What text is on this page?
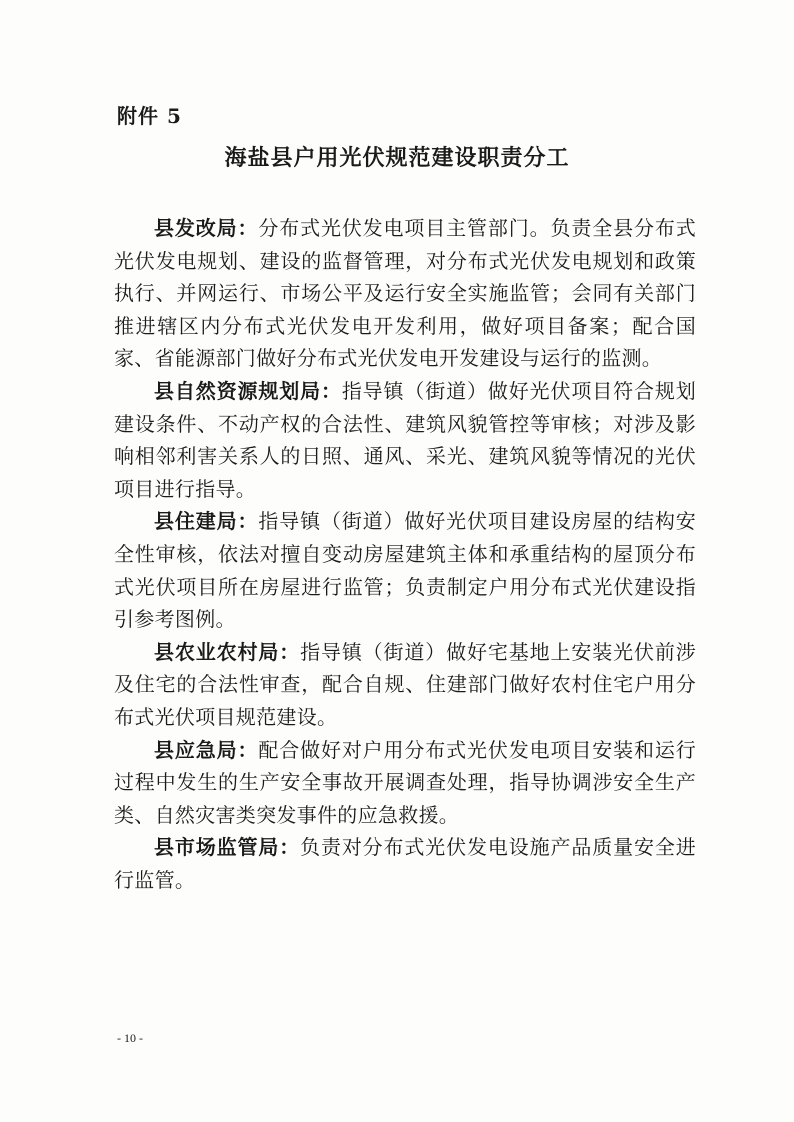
附件 5
海盐县户用光伏规范建设职责分工

县发改局：分布式光伏发电项目主管部门。负责全县分布式光伏发电规划、建设的监督管理，对分布式光伏发电规划和政策执行、并网运行、市场公平及运行安全实施监管；会同有关部门推进辖区内分布式光伏发电开发利用，做好项目备案；配合国家、省能源部门做好分布式光伏发电开发建设与运行的监测。

县自然资源规划局：指导镇（街道）做好光伏项目符合规划建设条件、不动产权的合法性、建筑风貌管控等审核；对涉及影响相邻利害关系人的日照、通风、采光、建筑风貌等情况的光伏项目进行指导。

县住建局：指导镇（街道）做好光伏项目建设房屋的结构安全性审核，依法对擅自变动房屋建筑主体和承重结构的屋顶分布式光伏项目所在房屋进行监管；负责制定户用分布式光伏建设指引参考图例。

县农业农村局：指导镇（街道）做好宅基地上安装光伏前涉及住宅的合法性审查，配合自规、住建部门做好农村住宅户用分布式光伏项目规范建设。

县应急局：配合做好对户用分布式光伏发电项目安装和运行过程中发生的生产安全事故开展调查处理，指导协调涉安全生产类、自然灾害类突发事件的应急救援。

县市场监管局：负责对分布式光伏发电设施产品质量安全进行监管。

- 10 -
